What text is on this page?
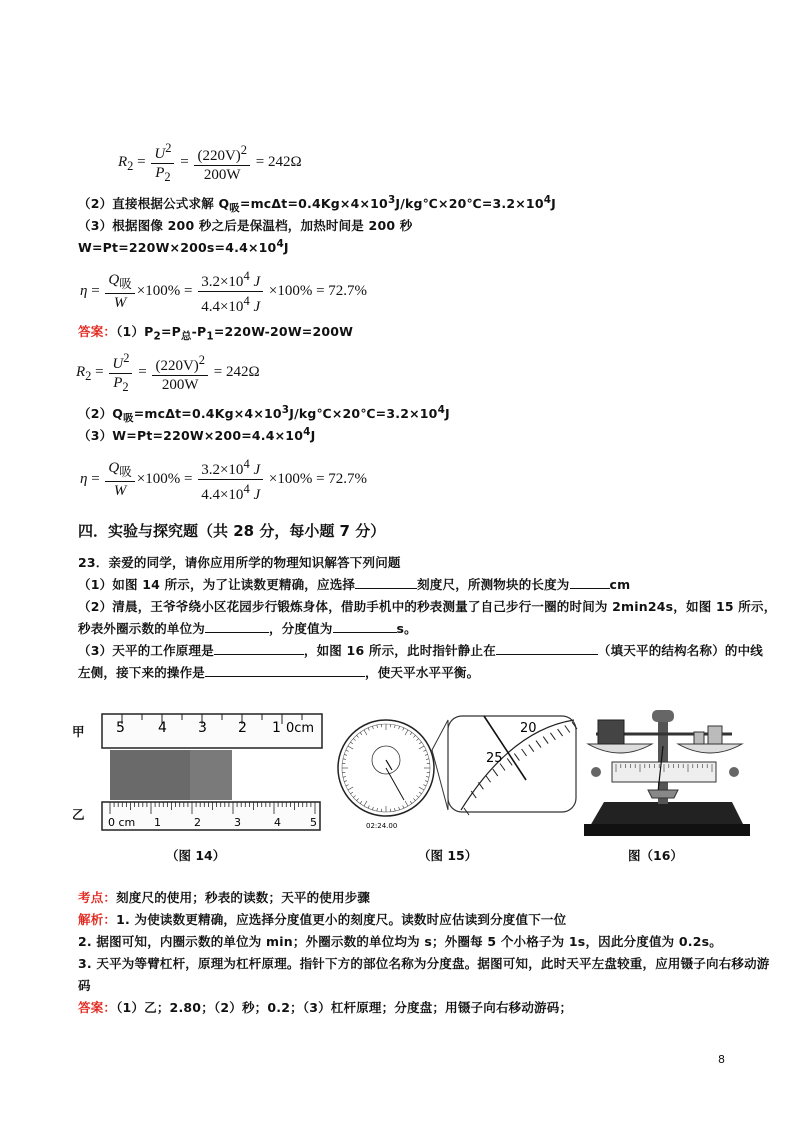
$R_2 = \frac{U^2}{P_2} = \frac{(220V)^2}{200W} = 242\Omega$
（2）直接根据公式求解 $Q_吸=mc\Delta t=0.4Kg\times 4\times 10^3J/kg℃\times 20℃=3.2\times 10^4J$
（3）根据图像 200 秒之后是保温档，加热时间是 200 秒
$W=Pt=220W\times 200s=4.4\times 10^4J$
$\eta = \frac{Q_吸}{W} \times 100\% = \frac{3.2\times 10^4 J}{4.4\times 10^4 J} \times 100\% = 72.7\%$
答案：$(1)P_2=P_总-P_1=220W-20W=200W$
$R_2 = \frac{U^2}{P_2} = \frac{(220V)^2}{200W} = 242\Omega$
$(2)Q_吸=mc\Delta t=0.4Kg\times 4\times 10^3J/kg℃\times 20℃=3.2\times 10^4J$
$(3)W=Pt=220W\times 200=4.4\times 10^4J$
$\eta = \frac{Q_吸}{W} \times 100\% = \frac{3.2\times 10^4 J}{4.4\times 10^4 J} \times 100\% = 72.7\%$
四．实验与探究题（共 28 分，每小题 7 分）
23．亲爱的同学，请你应用所学的物理知识解答下列问题
（1）如图 14 所示，为了让读数更精确，应选择	刻度尺，所测物块的长度为	cm
（2）清晨，王爷爷绕小区花园步行锻炼身体，借助手机中的秒表测量了自己步行一圈的时间为 2min24s，如图 15 所示，
秒表外圈示数的单位为	，分度值为	s。
（3）天平的工作原理是	，如图 16 所示，此时指针静止在	（填天平的结构名称）的中线
左侧，接下来的操作是	，使天平水平平衡。
甲
乙
5 4 3 2 1 0cm
0 cm 1	2	3	4	5	02:24.00
20
25
（图 14）	（图 15）	图（16）
考点：刻度尺的使用；秒表的读数；天平的使用步骤
解析：1. 为使读数更精确，应选择分度值更小的刻度尺。读数时应估读到分度值下一位
2. 据图可知，内圈示数的单位为 min；外圈示数的单位均为 s；外圈每 5 个小格子为 1s，因此分度值为 0.2s。
3. 天平为等臂杠杆，原理为杠杆原理。指针下方的部位名称为分度盘。据图可知，此时天平左盘较重，应用镊子向右移动游
码
答案：（1）乙；2.80；（2）秒；0.2；（3）杠杆原理；分度盘；用镊子向右移动游码；
8
